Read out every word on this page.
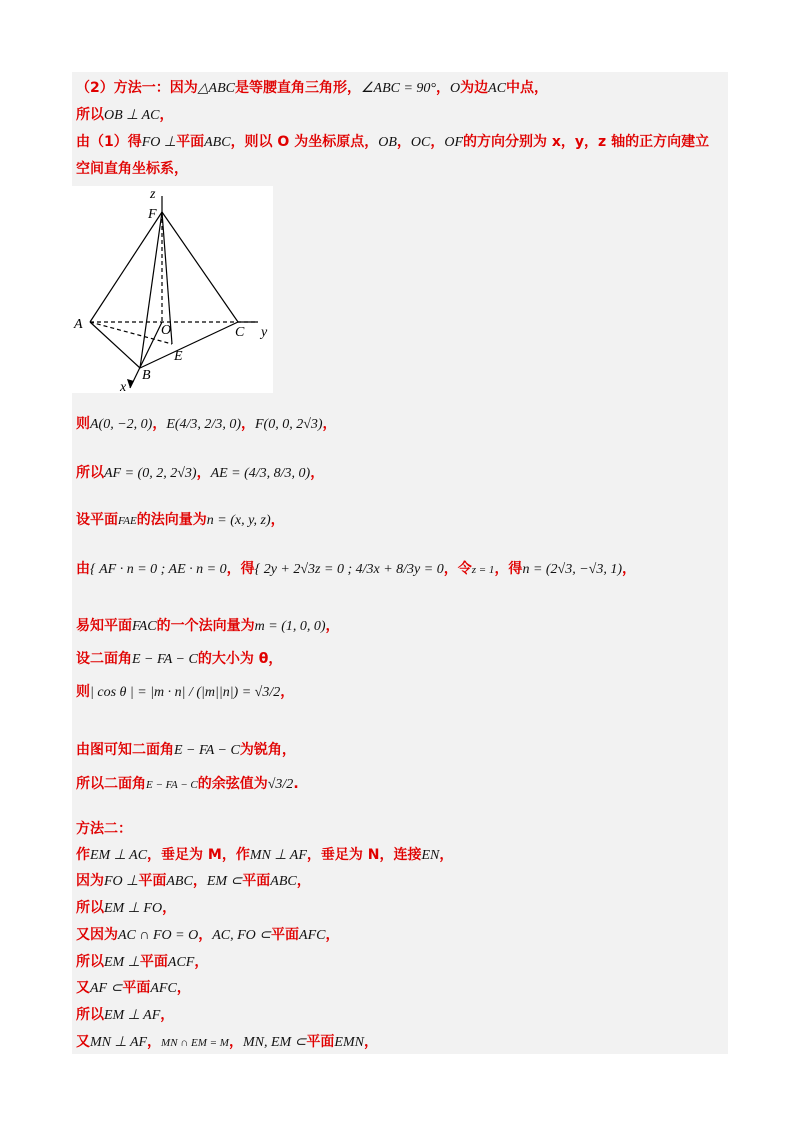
（2）方法一：因为△ABC是等腰直角三角形，∠ABC = 90°，O为边AC中点，
所以OB ⊥ AC，
由（1）得FO ⊥平面ABC，则以 O 为坐标原点，OB，OC，OF的方向分别为 x，y，z 轴的正方向建立
空间直角坐标系，
则A(0, −2, 0)，E(4/3, 2/3, 0)，F(0, 0, 2√3)，
所以AF = (0, 2, 2√3)，AE = (4/3, 8/3, 0)，
设平面FAE的法向量为n = (x, y, z)，
由{ AF · n = 0 ; AE · n = 0，得{ 2y + 2√3z = 0 ; 4/3x + 8/3y = 0，令z = 1，得n = (2√3, −√3, 1)，
易知平面FAC的一个法向量为m = (1, 0, 0)，
设二面角E − FA − C的大小为 θ，
则| cos θ | = |m · n| / (|m||n|) = √3/2，
由图可知二面角E − FA − C为锐角，
所以二面角E − FA − C的余弦值为√3/2.
方法二：
作EM ⊥ AC，垂足为 M，作MN ⊥ AF，垂足为 N，连接EN，
因为FO ⊥平面ABC，EM ⊂平面ABC，
所以EM ⊥ FO，
又因为AC ∩ FO = O，AC, FO ⊂平面AFC，
所以EM ⊥平面ACF，
又AF ⊂平面AFC，
所以EM ⊥ AF，
又MN ⊥ AF，MN ∩ EM = M，MN, EM ⊂平面EMN，
z
F
A	O	C y
E
B
x
